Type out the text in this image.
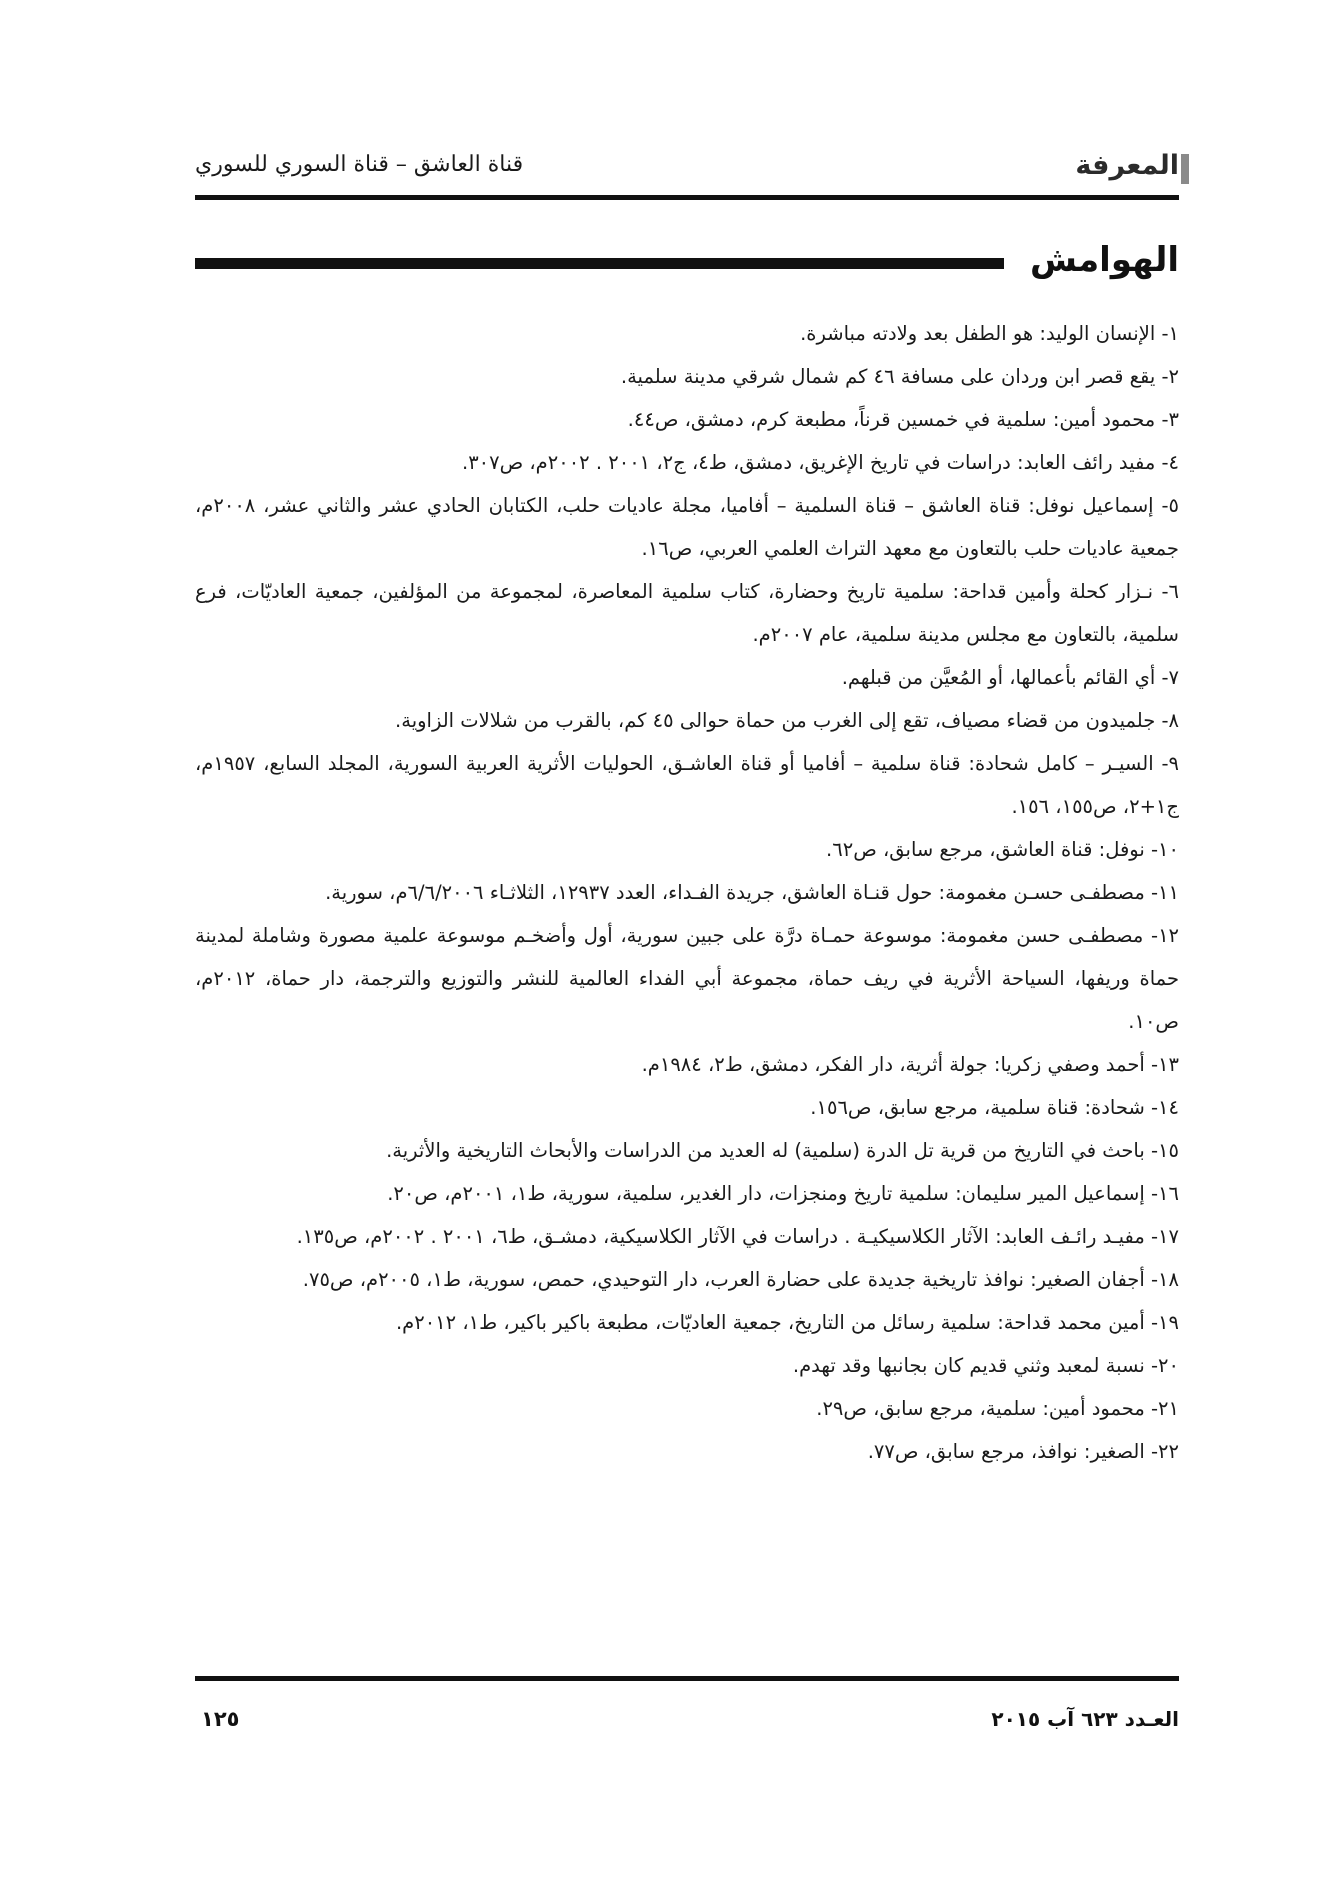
المعرفة
قناة العاشق – قناة السوري للسوري
الهوامش
١- الإنسان الوليد: هو الطفل بعد ولادته مباشرة.
٢- يقع قصر ابن وردان على مسافة ٤٦ كم شمال شرقي مدينة سلمية.
٣- محمود أمين: سلمية في خمسين قرناً، مطبعة كرم، دمشق، ص٤٤.
٤- مفيد رائف العابد: دراسات في تاريخ الإغريق، دمشق، ط٤، ج٢، ٢٠٠١ . ٢٠٠٢م، ص٣٠٧.
٥- إسماعيل نوفل: قناة العاشق – قناة السلمية – أفاميا، مجلة عاديات حلب، الكتابان الحادي عشر والثاني عشر، ٢٠٠٨م، جمعية عاديات حلب بالتعاون مع معهد التراث العلمي العربي، ص١٦.
٦- نـزار كحلة وأمين قداحة: سلمية تاريخ وحضارة، كتاب سلمية المعاصرة، لمجموعة من المؤلفين، جمعية العاديّات، فرع سلمية، بالتعاون مع مجلس مدينة سلمية، عام ٢٠٠٧م.
٧- أي القائم بأعمالها، أو المُعيَّن من قبلهم.
٨- جلميدون من قضاء مصياف، تقع إلى الغرب من حماة حوالى ٤٥ كم، بالقرب من شلالات الزاوية.
٩- السيـر – كامل شحادة: قناة سلمية – أفاميا أو قناة العاشـق، الحوليات الأثرية العربية السورية، المجلد السابع، ١٩٥٧م، ج١+٢، ص١٥٥، ١٥٦.
١٠- نوفل: قناة العاشق، مرجع سابق، ص٦٢.
١١- مصطفـى حسـن مغمومة: حول قنـاة العاشق، جريدة الفـداء، العدد ١٢٩٣٧، الثلاثـاء ٦/٦/٢٠٠٦م، سورية.
١٢- مصطفـى حسن مغمومة: موسوعة حمـاة درَّة على جبين سورية، أول وأضخـم موسوعة علمية مصورة وشاملة لمدينة حماة وريفها، السياحة الأثرية في ريف حماة، مجموعة أبي الفداء العالمية للنشر والتوزيع والترجمة، دار حماة، ٢٠١٢م، ص١٠.
١٣- أحمد وصفي زكريا: جولة أثرية، دار الفكر، دمشق، ط٢، ١٩٨٤م.
١٤- شحادة: قناة سلمية، مرجع سابق، ص١٥٦.
١٥- باحث في التاريخ من قرية تل الدرة (سلمية) له العديد من الدراسات والأبحاث التاريخية والأثرية.
١٦- إسماعيل المير سليمان: سلمية تاريخ ومنجزات، دار الغدير، سلمية، سورية، ط١، ٢٠٠١م، ص٢٠.
١٧- مفيـد رائـف العابد: الآثار الكلاسيكيـة . دراسات في الآثار الكلاسيكية، دمشـق، ط٦، ٢٠٠١ . ٢٠٠٢م، ص١٣٥.
١٨- أجفان الصغير: نوافذ تاريخية جديدة على حضارة العرب، دار التوحيدي، حمص، سورية، ط١، ٢٠٠٥م، ص٧٥.
١٩- أمين محمد قداحة: سلمية رسائل من التاريخ، جمعية العاديّات، مطبعة باكير باكير، ط١، ٢٠١٢م.
٢٠- نسبة لمعبد وثني قديم كان بجانبها وقد تهدم.
٢١- محمود أمين: سلمية، مرجع سابق، ص٢٩.
٢٢- الصغير: نوافذ، مرجع سابق، ص٧٧.
العـدد ٦٢٣ آب ٢٠١٥
١٢٥
